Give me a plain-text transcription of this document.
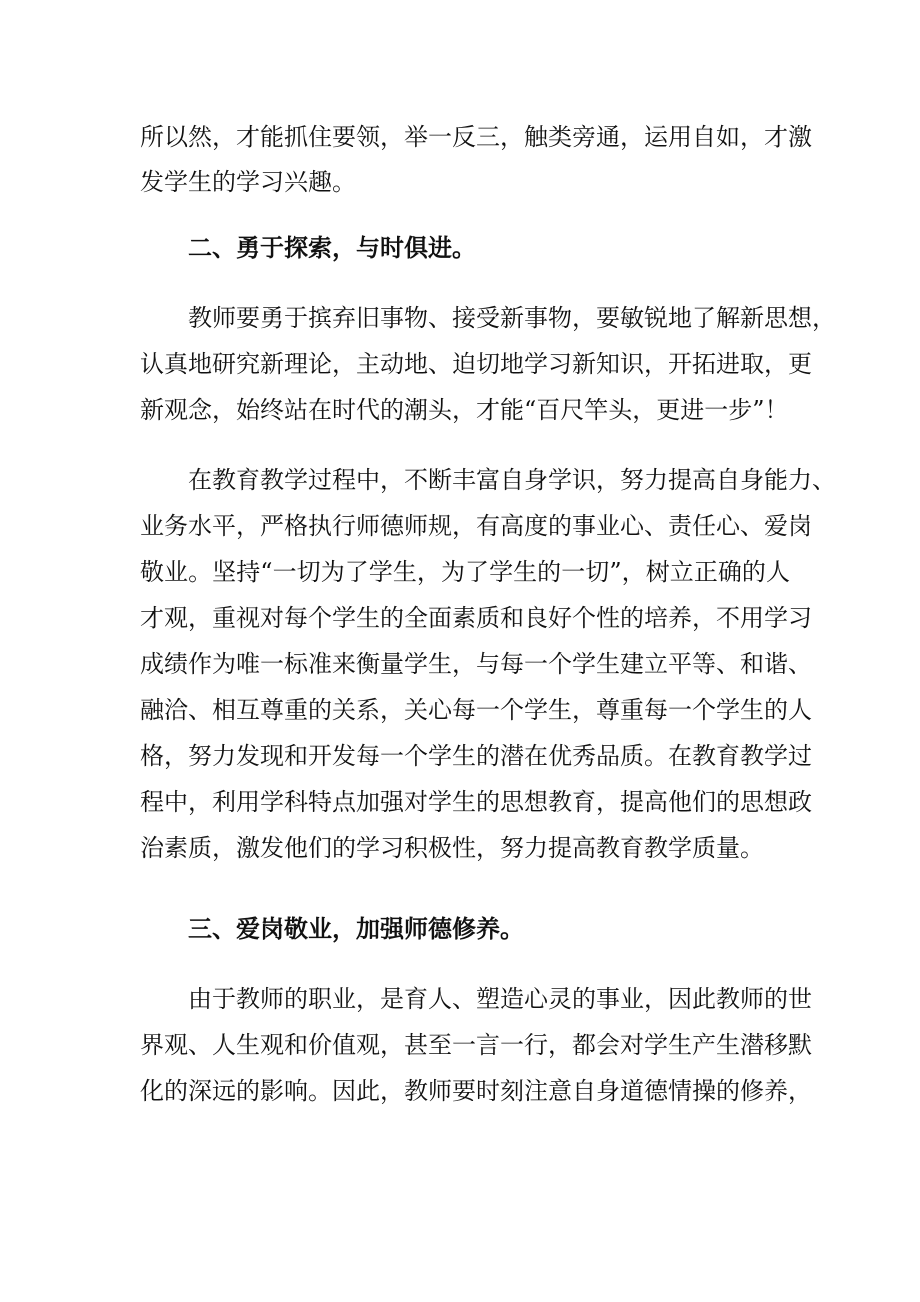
所以然，才能抓住要领，举一反三，触类旁通，运用自如，才激
发学生的学习兴趣。
二、勇于探索，与时俱进。
教师要勇于摈弃旧事物、接受新事物，要敏锐地了解新思想，
认真地研究新理论，主动地、迫切地学习新知识，开拓进取，更
新观念，始终站在时代的潮头，才能“百尺竿头，更进一步”！
在教育教学过程中，不断丰富自身学识，努力提高自身能力、
业务水平，严格执行师德师规，有高度的事业心、责任心、爱岗
敬业。坚持“一切为了学生，为了学生的一切”，树立正确的人
才观，重视对每个学生的全面素质和良好个性的培养，不用学习
成绩作为唯一标准来衡量学生，与每一个学生建立平等、和谐、
融洽、相互尊重的关系，关心每一个学生，尊重每一个学生的人
格，努力发现和开发每一个学生的潜在优秀品质。在教育教学过
程中，利用学科特点加强对学生的思想教育，提高他们的思想政
治素质，激发他们的学习积极性，努力提高教育教学质量。
三、爱岗敬业，加强师德修养。
由于教师的职业，是育人、塑造心灵的事业，因此教师的世
界观、人生观和价值观，甚至一言一行，都会对学生产生潜移默
化的深远的影响。因此，教师要时刻注意自身道德情操的修养，
